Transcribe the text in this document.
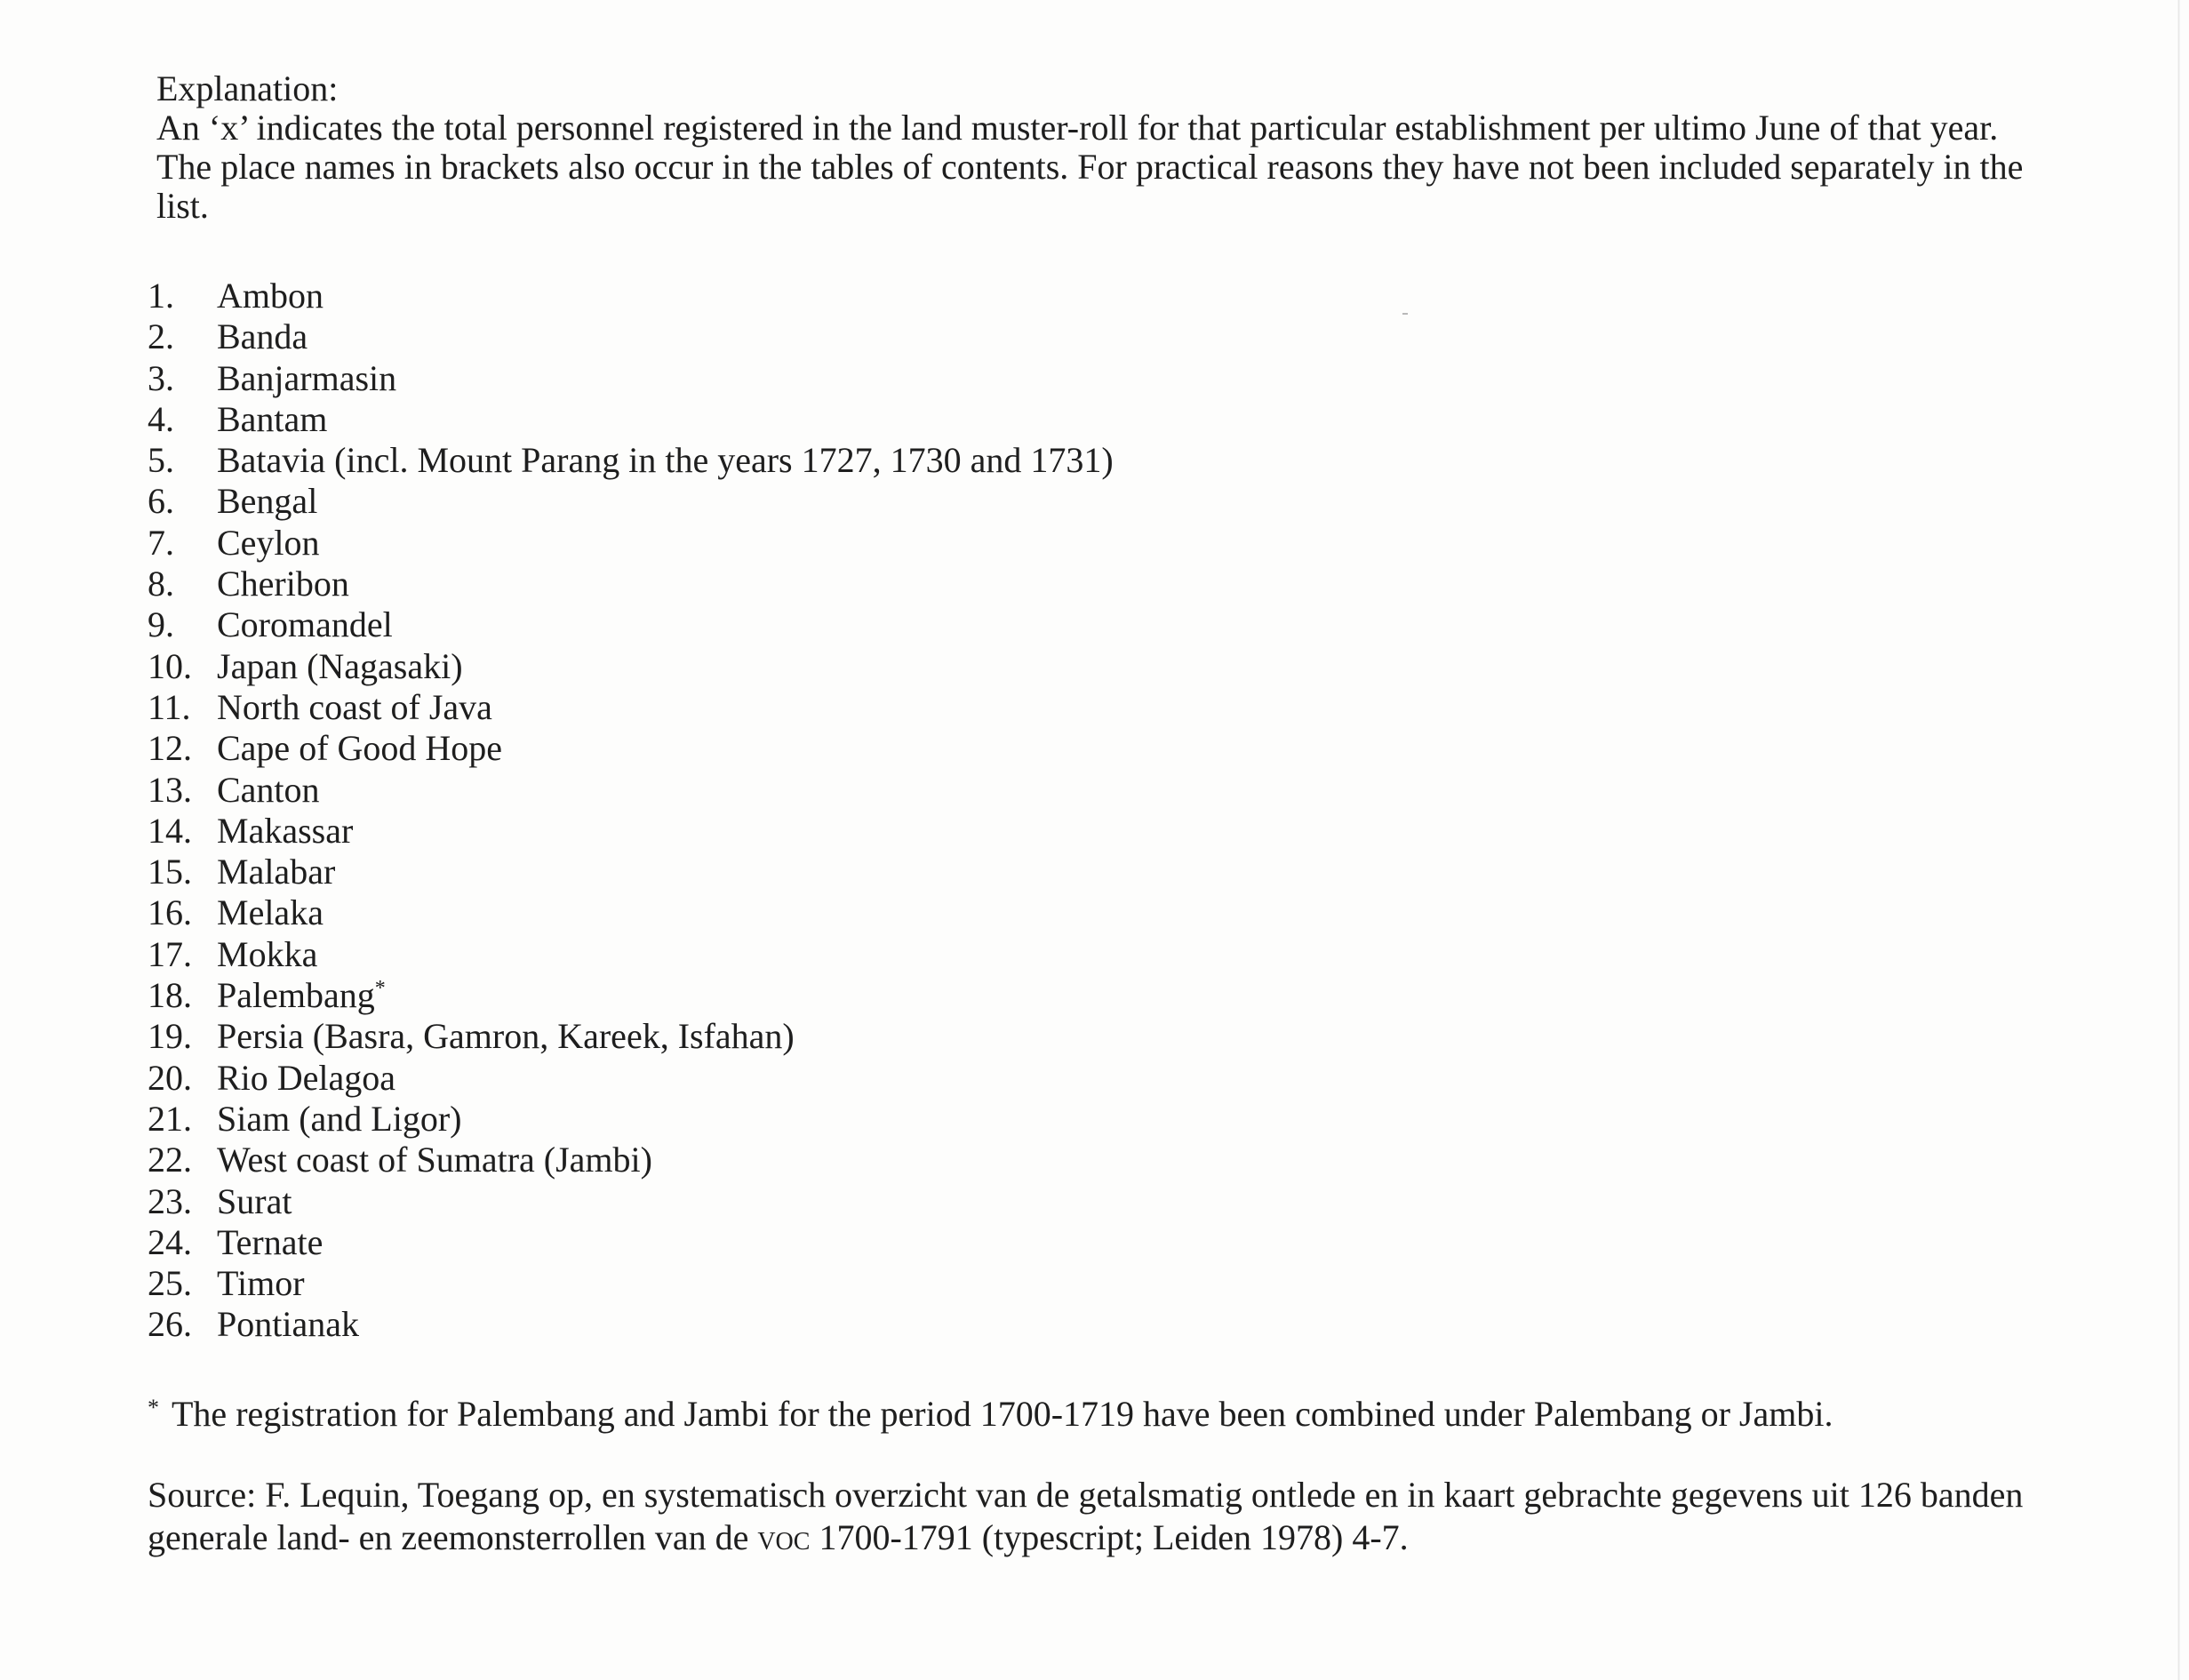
Explanation:
An ‘x’ indicates the total personnel registered in the land muster-roll for that particular establishment per ultimo June of that year. The place names in brackets also occur in the tables of contents. For practical reasons they have not been included separately in the list.
1. Ambon
2. Banda
3. Banjarmasin
4. Bantam
5. Batavia (incl. Mount Parang in the years 1727, 1730 and 1731)
6. Bengal
7. Ceylon
8. Cheribon
9. Coromandel
10. Japan (Nagasaki)
11. North coast of Java
12. Cape of Good Hope
13. Canton
14. Makassar
15. Malabar
16. Melaka
17. Mokka
18. Palembang*
19. Persia (Basra, Gamron, Kareek, Isfahan)
20. Rio Delagoa
21. Siam (and Ligor)
22. West coast of Sumatra (Jambi)
23. Surat
24. Ternate
25. Timor
26. Pontianak
* The registration for Palembang and Jambi for the period 1700-1719 have been combined under Palembang or Jambi.
Source: F. Lequin, Toegang op, en systematisch overzicht van de getalsmatig ontlede en in kaart gebrachte gegevens uit 126 banden generale land- en zeemonsterrollen van de voc 1700-1791 (typescript; Leiden 1978) 4-7.
